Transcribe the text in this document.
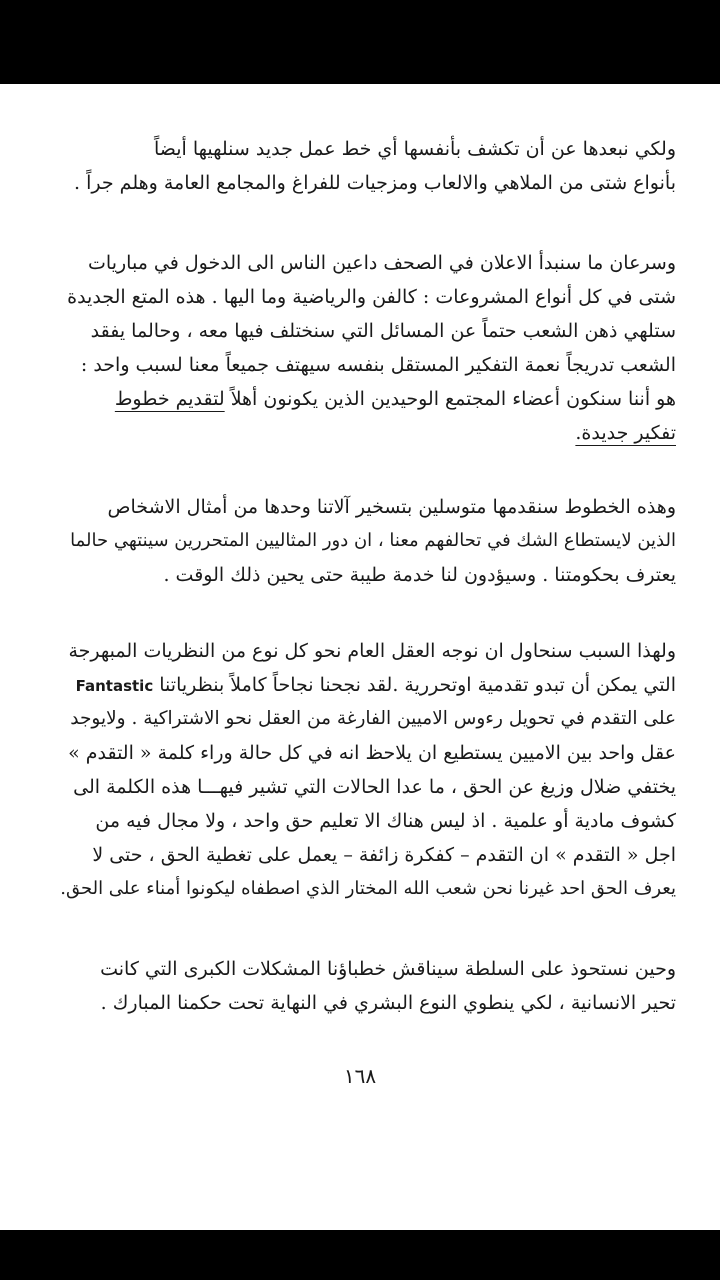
ولكي نبعدها عن أن تكشف بأنفسها أي خط عمل جديد سنلهيها أيضاً
بأنواع شتى من الملاهي والالعاب ومزجيات للفراغ والمجامع العامة وهلم جراً .
وسرعان ما سنبدأ الاعلان في الصحف داعين الناس الى الدخول في مباريات
شتى في كل أنواع المشروعات : كالفن والرياضية وما اليها . هذه المتع الجديدة
ستلهي ذهن الشعب حتماً عن المسائل التي سنختلف فيها معه ، وحالما يفقد
الشعب تدريجاً نعمة التفكير المستقل بنفسه سيهتف جميعاً معنا لسبب واحد :
هو أننا سنكون أعضاء المجتمع الوحيدين الذين يكونون أهلاً لتقديم خطوط
تفكير جديدة.
وهذه الخطوط سنقدمها متوسلين بتسخير آلاتنا وحدها من أمثال الاشخاص
الذين لايستطاع الشك في تحالفهم معنا ، ان دور المثاليين المتحررين سينتهي حالما
يعترف بحكومتنا . وسيؤدون لنا خدمة طيبة حتى يحين ذلك الوقت .
ولهذا السبب سنحاول ان نوجه العقل العام نحو كل نوع من النظريات المبهرجة
التي يمكن أن تبدو تقدمية اوتحررية .لقد نجحنا نجاحاً كاملاً بنظرياتنا Fantastic
على التقدم في تحويل رءوس الاميين الفارغة من العقل نحو الاشتراكية . ولايوجد
عقل واحد بين الاميين يستطيع ان يلاحظ انه في كل حالة وراء كلمة « التقدم »
يختفي ضلال وزيغ عن الحق ، ما عدا الحالات التي تشير فيهـــا هذه الكلمة الى
كشوف مادية أو علمية . اذ ليس هناك الا تعليم حق واحد ، ولا مجال فيه من
اجل « التقدم » ان التقدم – كفكرة زائفة – يعمل على تغطية الحق ، حتى لا
يعرف الحق احد غيرنا نحن شعب الله المختار الذي اصطفاه ليكونوا أمناء على الحق.
وحين نستحوذ على السلطة سيناقش خطباؤنا المشكلات الكبرى التي كانت
تحير الانسانية ، لكي ينطوي النوع البشري في النهاية تحت حكمنا المبارك .
١٦٨
